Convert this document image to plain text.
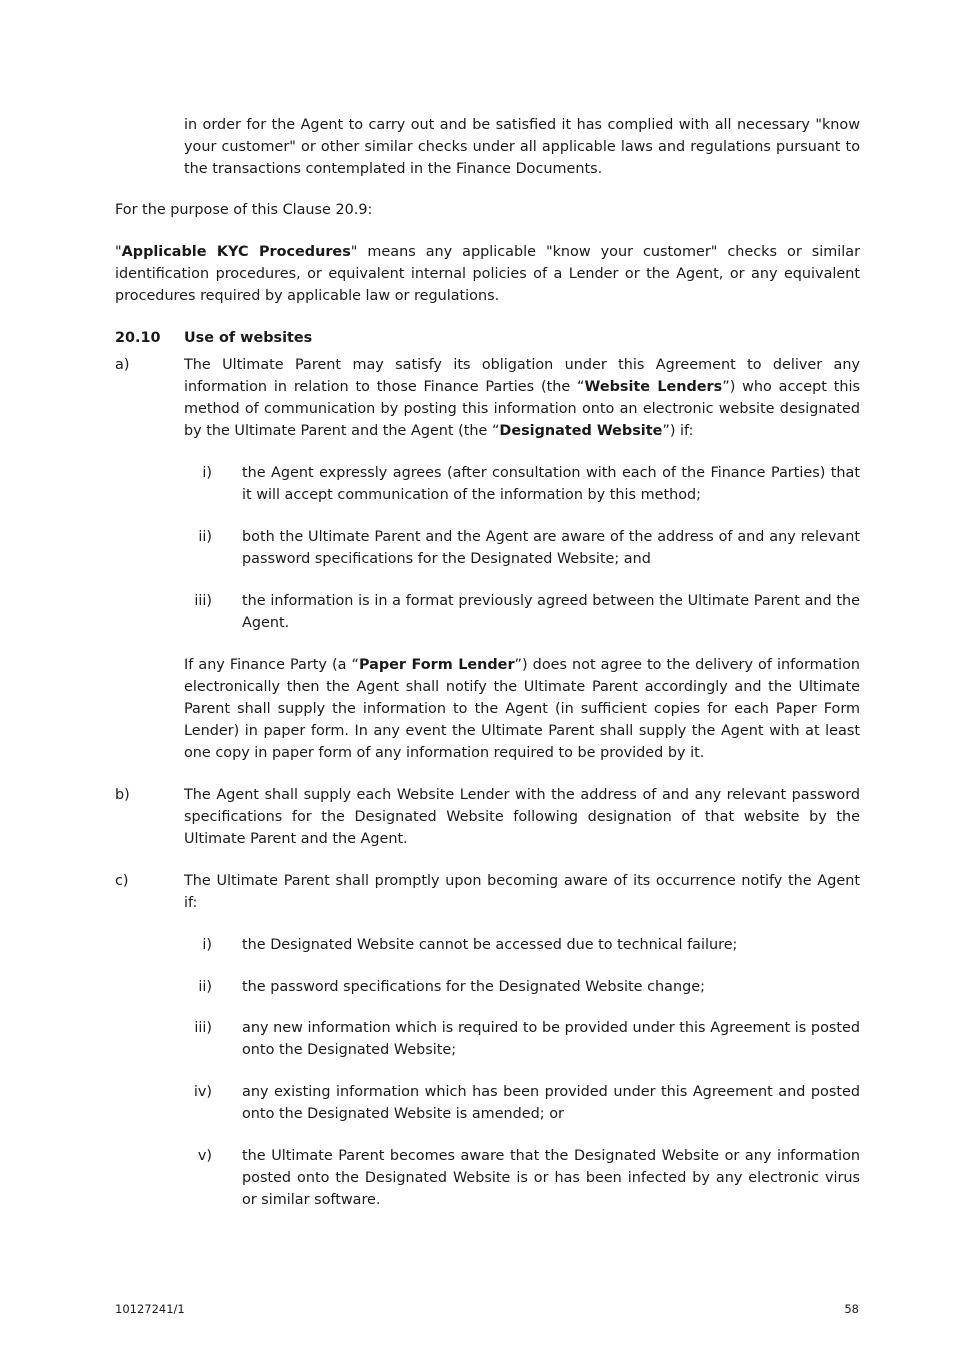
in order for the Agent to carry out and be satisfied it has complied with all necessary "know your customer" or other similar checks under all applicable laws and regulations pursuant to the transactions contemplated in the Finance Documents.

For the purpose of this Clause 20.9:

"Applicable KYC Procedures" means any applicable "know your customer" checks or similar identification procedures, or equivalent internal policies of a Lender or the Agent, or any equivalent procedures required by applicable law or regulations.

20.10 Use of websites

a)	The Ultimate Parent may satisfy its obligation under this Agreement to deliver any information in relation to those Finance Parties (the “Website Lenders”) who accept this method of communication by posting this information onto an electronic website designated by the Ultimate Parent and the Agent (the “Designated Website”) if:

i) the Agent expressly agrees (after consultation with each of the Finance Parties) that it will accept communication of the information by this method;

ii) both the Ultimate Parent and the Agent are aware of the address of and any relevant password specifications for the Designated Website; and

iii) the information is in a format previously agreed between the Ultimate Parent and the Agent.

If any Finance Party (a “Paper Form Lender”) does not agree to the delivery of information electronically then the Agent shall notify the Ultimate Parent accordingly and the Ultimate Parent shall supply the information to the Agent (in sufficient copies for each Paper Form Lender) in paper form. In any event the Ultimate Parent shall supply the Agent with at least one copy in paper form of any information required to be provided by it.

b)	The Agent shall supply each Website Lender with the address of and any relevant password specifications for the Designated Website following designation of that website by the Ultimate Parent and the Agent.

c)	The Ultimate Parent shall promptly upon becoming aware of its occurrence notify the Agent if:

i) the Designated Website cannot be accessed due to technical failure;

ii) the password specifications for the Designated Website change;

iii) any new information which is required to be provided under this Agreement is posted onto the Designated Website;

iv) any existing information which has been provided under this Agreement and posted onto the Designated Website is amended; or

v) the Ultimate Parent becomes aware that the Designated Website or any information posted onto the Designated Website is or has been infected by any electronic virus or similar software.

10127241/1	58
